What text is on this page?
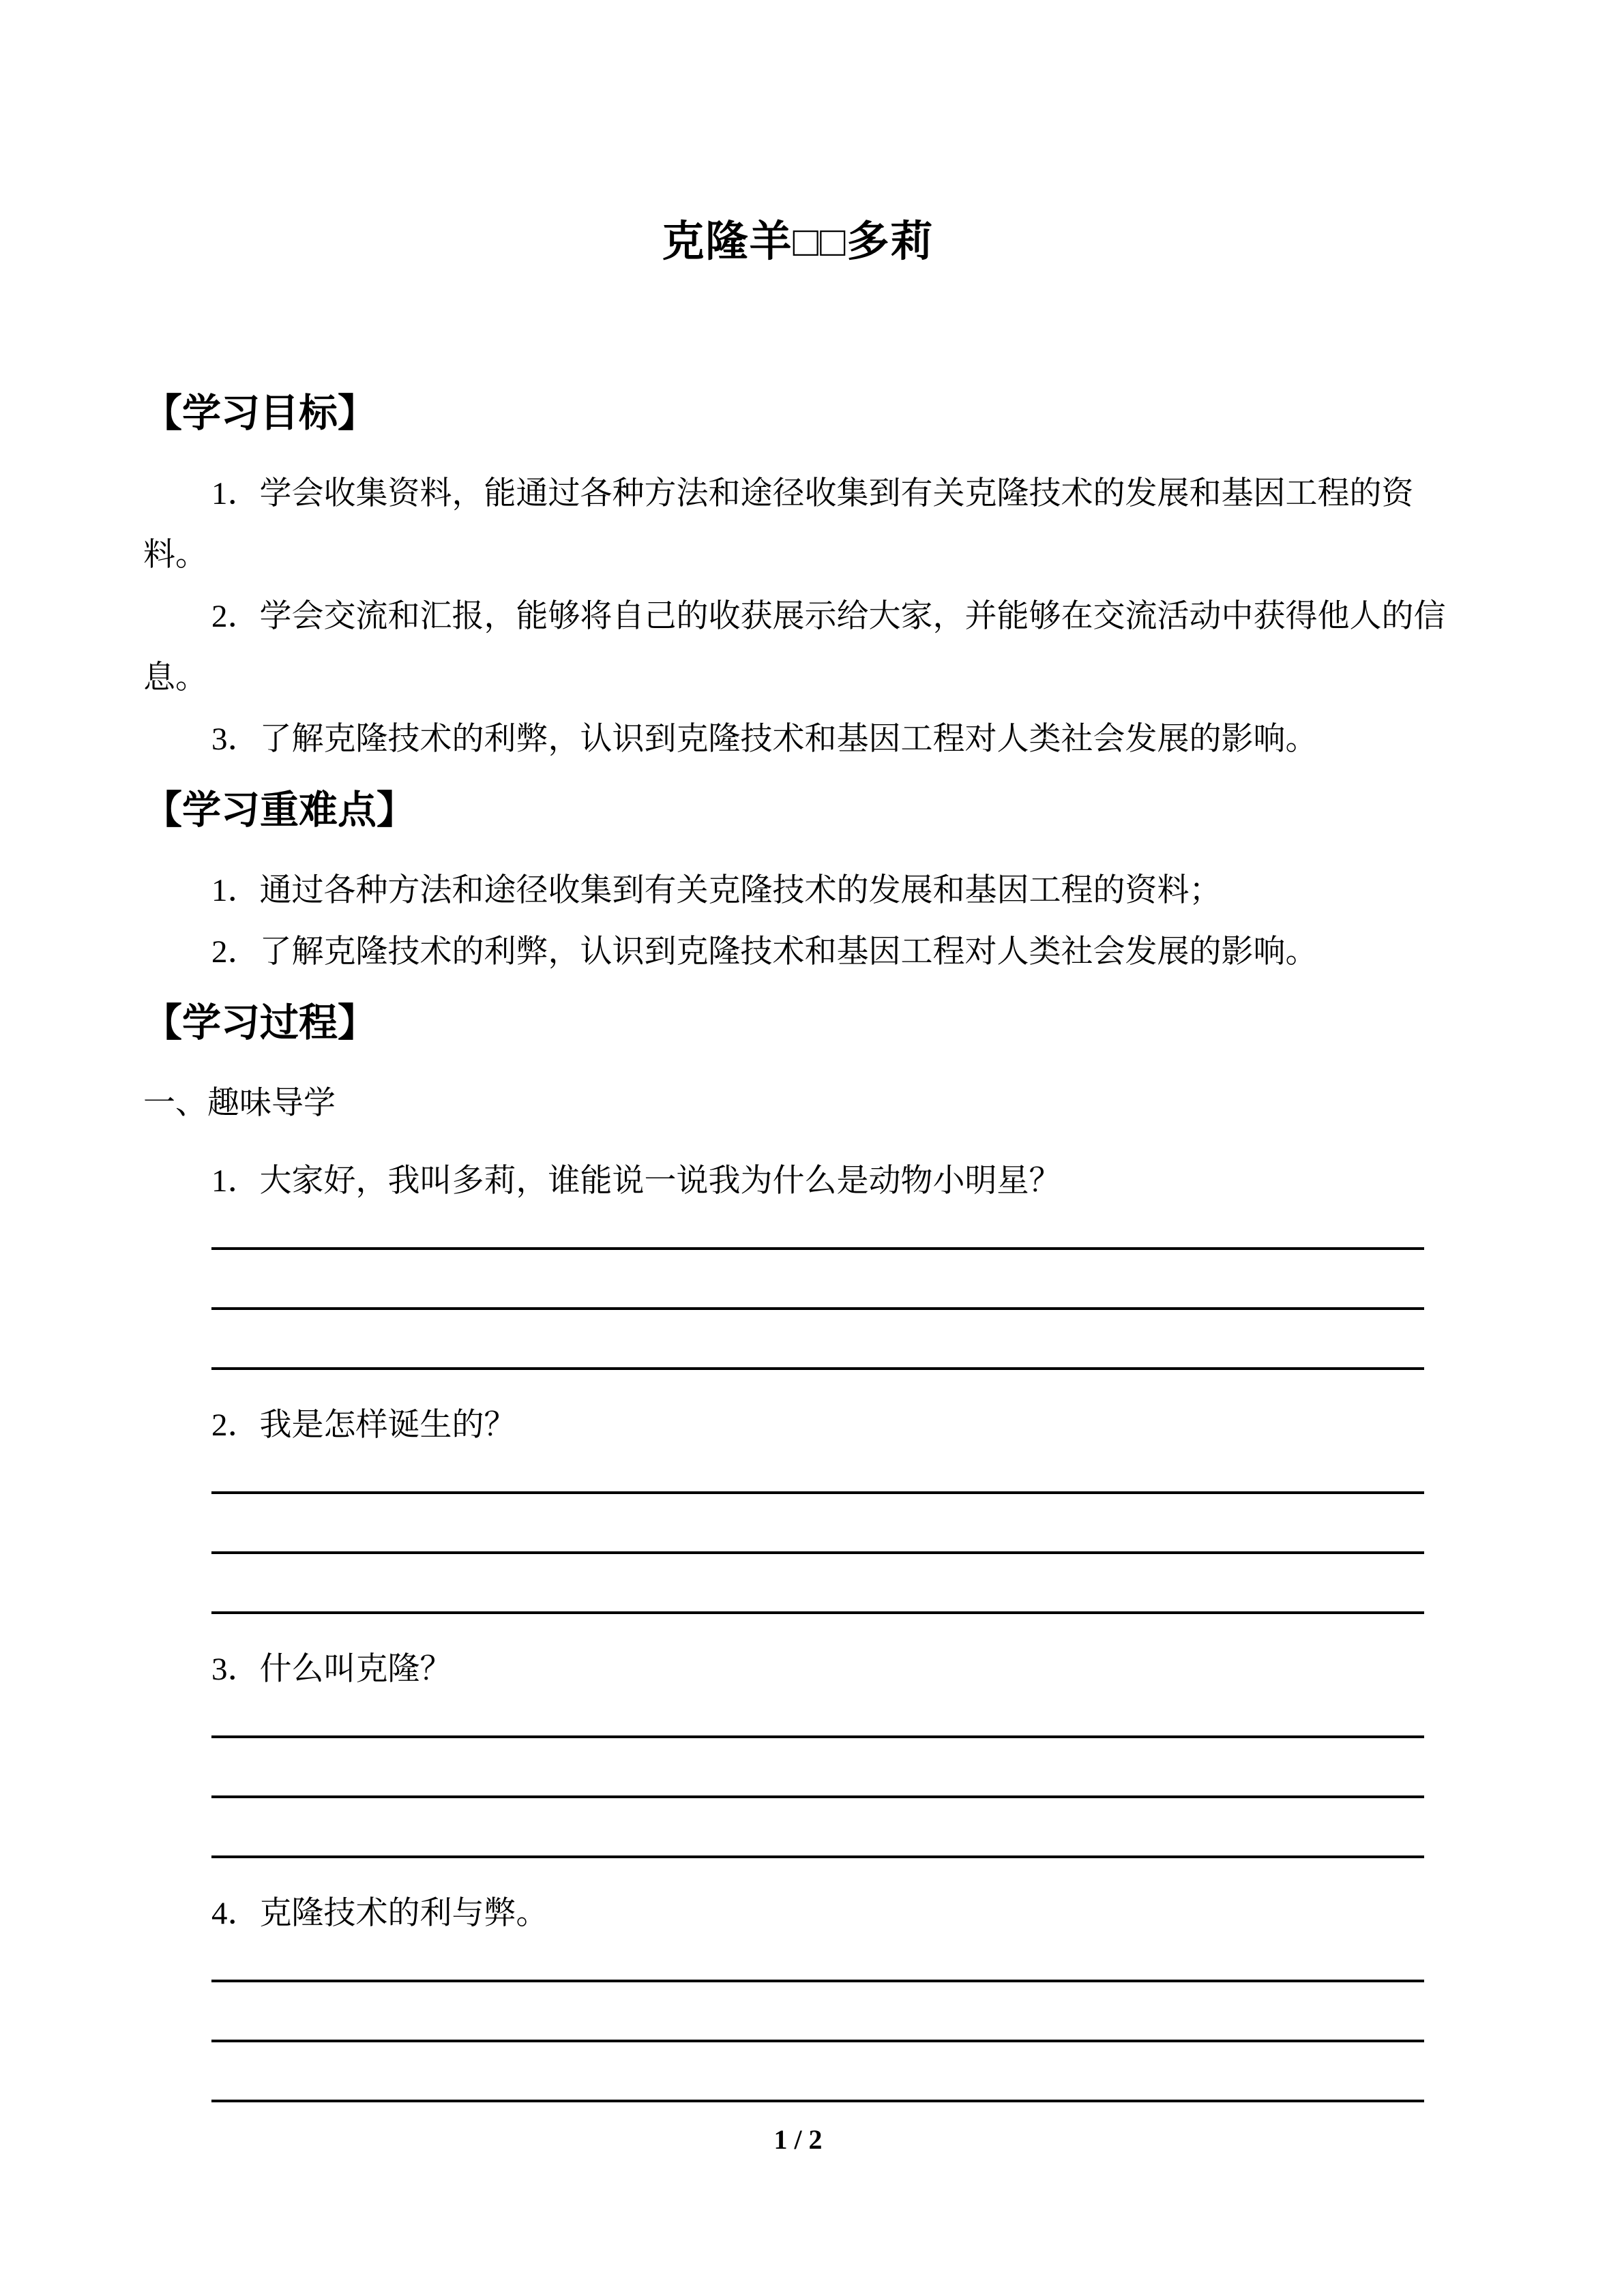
克隆羊□□多莉
【学习目标】

1．学会收集资料，能通过各种方法和途径收集到有关克隆技术的发展和基因工程的资料。

2．学会交流和汇报，能够将自己的收获展示给大家，并能够在交流活动中获得他人的信息。

3．了解克隆技术的利弊，认识到克隆技术和基因工程对人类社会发展的影响。

【学习重难点】

1．通过各种方法和途径收集到有关克隆技术的发展和基因工程的资料；

2．了解克隆技术的利弊，认识到克隆技术和基因工程对人类社会发展的影响。

【学习过程】

一、趣味导学

1．大家好，我叫多莉，谁能说一说我为什么是动物小明星？

2．我是怎样诞生的？

3．什么叫克隆？

4．克隆技术的利与弊。

1 / 2
